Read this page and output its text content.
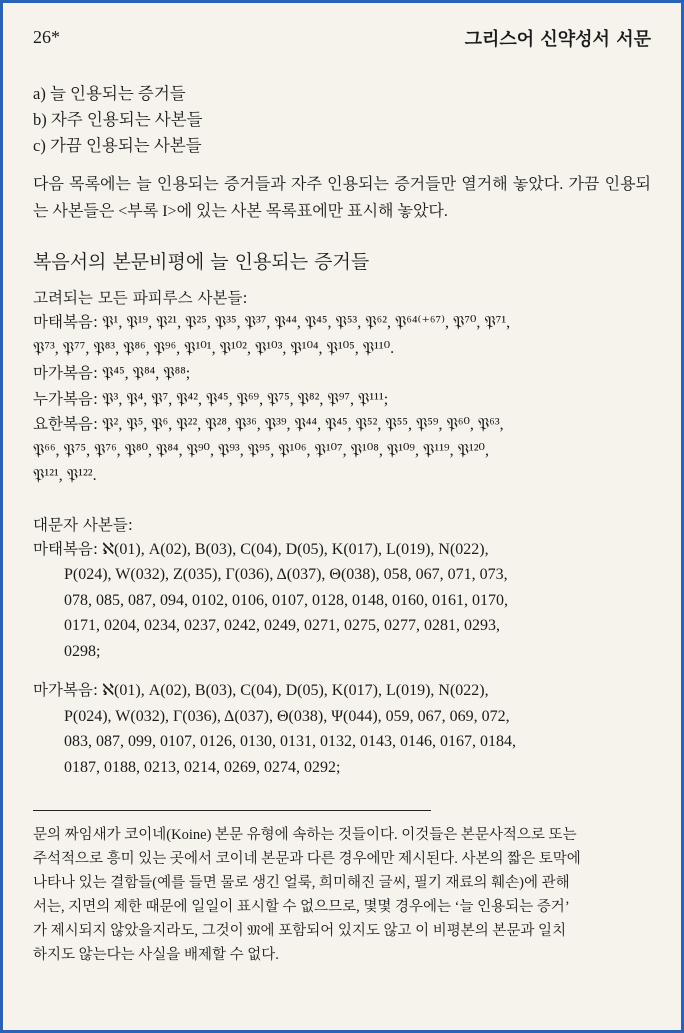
26*	그리스어 신약성서 서문
a) 늘 인용되는 증거들
b) 자주 인용되는 사본들
c) 가끔 인용되는 사본들
다음 목록에는 늘 인용되는 증거들과 자주 인용되는 증거들만 열거해 놓았다. 가끔 인용되는 사본들은 <부록 I>에 있는 사본 목록표에만 표시해 놓았다.
복음서의 본문비평에 늘 인용되는 증거들
고려되는 모든 파피루스 사본들:
마태복음: 𝔓¹, 𝔓¹⁹, 𝔓²¹, 𝔓²⁵, 𝔓³⁵, 𝔓³⁷, 𝔓⁴⁴, 𝔓⁴⁵, 𝔓⁵³, 𝔓⁶², 𝔓⁶⁴⁽⁺⁶⁷⁾, 𝔓⁷⁰, 𝔓⁷¹,
𝔓⁷³, 𝔓⁷⁷, 𝔓⁸³, 𝔓⁸⁶, 𝔓⁹⁶, 𝔓¹⁰¹, 𝔓¹⁰², 𝔓¹⁰³, 𝔓¹⁰⁴, 𝔓¹⁰⁵, 𝔓¹¹⁰.
마가복음: 𝔓⁴⁵, 𝔓⁸⁴, 𝔓⁸⁸;
누가복음: 𝔓³, 𝔓⁴, 𝔓⁷, 𝔓⁴², 𝔓⁴⁵, 𝔓⁶⁹, 𝔓⁷⁵, 𝔓⁸², 𝔓⁹⁷, 𝔓¹¹¹;
요한복음: 𝔓², 𝔓⁵, 𝔓⁶, 𝔓²², 𝔓²⁸, 𝔓³⁶, 𝔓³⁹, 𝔓⁴⁴, 𝔓⁴⁵, 𝔓⁵², 𝔓⁵⁵, 𝔓⁵⁹, 𝔓⁶⁰, 𝔓⁶³,
𝔓⁶⁶, 𝔓⁷⁵, 𝔓⁷⁶, 𝔓⁸⁰, 𝔓⁸⁴, 𝔓⁹⁰, 𝔓⁹³, 𝔓⁹⁵, 𝔓¹⁰⁶, 𝔓¹⁰⁷, 𝔓¹⁰⁸, 𝔓¹⁰⁹, 𝔓¹¹⁹, 𝔓¹²⁰,
𝔓¹²¹, 𝔓¹²².
대문자 사본들:
마태복음: ℵ(01), A(02), B(03), C(04), D(05), K(017), L(019), N(022),
P(024), W(032), Z(035), Γ(036), Δ(037), Θ(038), 058, 067, 071, 073,
078, 085, 087, 094, 0102, 0106, 0107, 0128, 0148, 0160, 0161, 0170,
0171, 0204, 0234, 0237, 0242, 0249, 0271, 0275, 0277, 0281, 0293,
0298;
마가복음: ℵ(01), A(02), B(03), C(04), D(05), K(017), L(019), N(022),
P(024), W(032), Γ(036), Δ(037), Θ(038), Ψ(044), 059, 067, 069, 072,
083, 087, 099, 0107, 0126, 0130, 0131, 0132, 0143, 0146, 0167, 0184,
0187, 0188, 0213, 0214, 0269, 0274, 0292;

문의 짜임새가 코이네(Koine) 본문 유형에 속하는 것들이다. 이것들은 본문사적으로 또는

주석적으로 흥미 있는 곳에서 코이네 본문과 다른 경우에만 제시된다. 사본의 짧은 토막에

나타나 있는 결함들(예를 들면 물로 생긴 얼룩, 희미해진 글씨, 필기 재료의 훼손)에 관해

서는, 지면의 제한 때문에 일일이 표시할 수 없으므로, 몇몇 경우에는 ‘늘 인용되는 증거’

가 제시되지 않았을지라도, 그것이 𝔐에 포함되어 있지도 않고 이 비평본의 본문과 일치

하지도 않는다는 사실을 배제할 수 없다.
